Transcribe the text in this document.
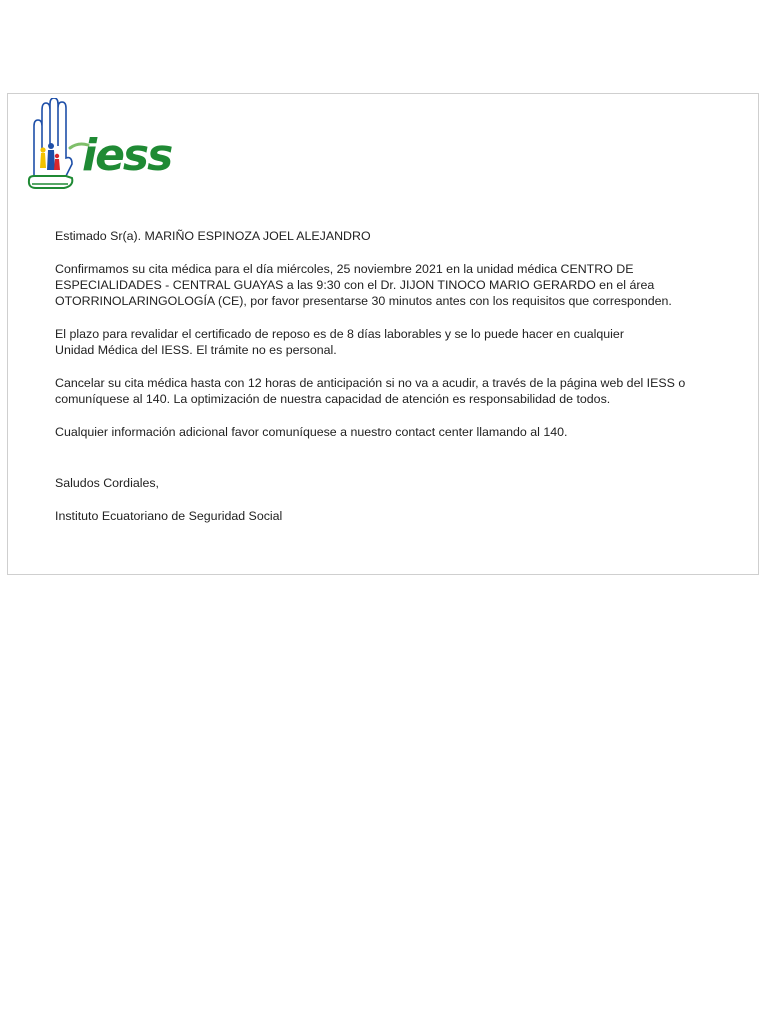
iess

Estimado Sr(a). MARIÑO ESPINOZA JOEL ALEJANDRO

Confirmamos su cita médica para el día miércoles, 25 noviembre 2021 en la unidad médica CENTRO DE
ESPECIALIDADES - CENTRAL GUAYAS a las 9:30 con el Dr. JIJON TINOCO MARIO GERARDO en el área
OTORRINOLARINGOLOGÍA (CE), por favor presentarse 30 minutos antes con los requisitos que corresponden.

El plazo para revalidar el certificado de reposo es de 8 días laborables y se lo puede hacer en cualquier
Unidad Médica del IESS. El trámite no es personal.

Cancelar su cita médica hasta con 12 horas de anticipación si no va a acudir, a través de la página web del IESS o
comuníquese al 140. La optimización de nuestra capacidad de atención es responsabilidad de todos.

Cualquier información adicional favor comuníquese a nuestro contact center llamando al 140.

Saludos Cordiales,

Instituto Ecuatoriano de Seguridad Social
